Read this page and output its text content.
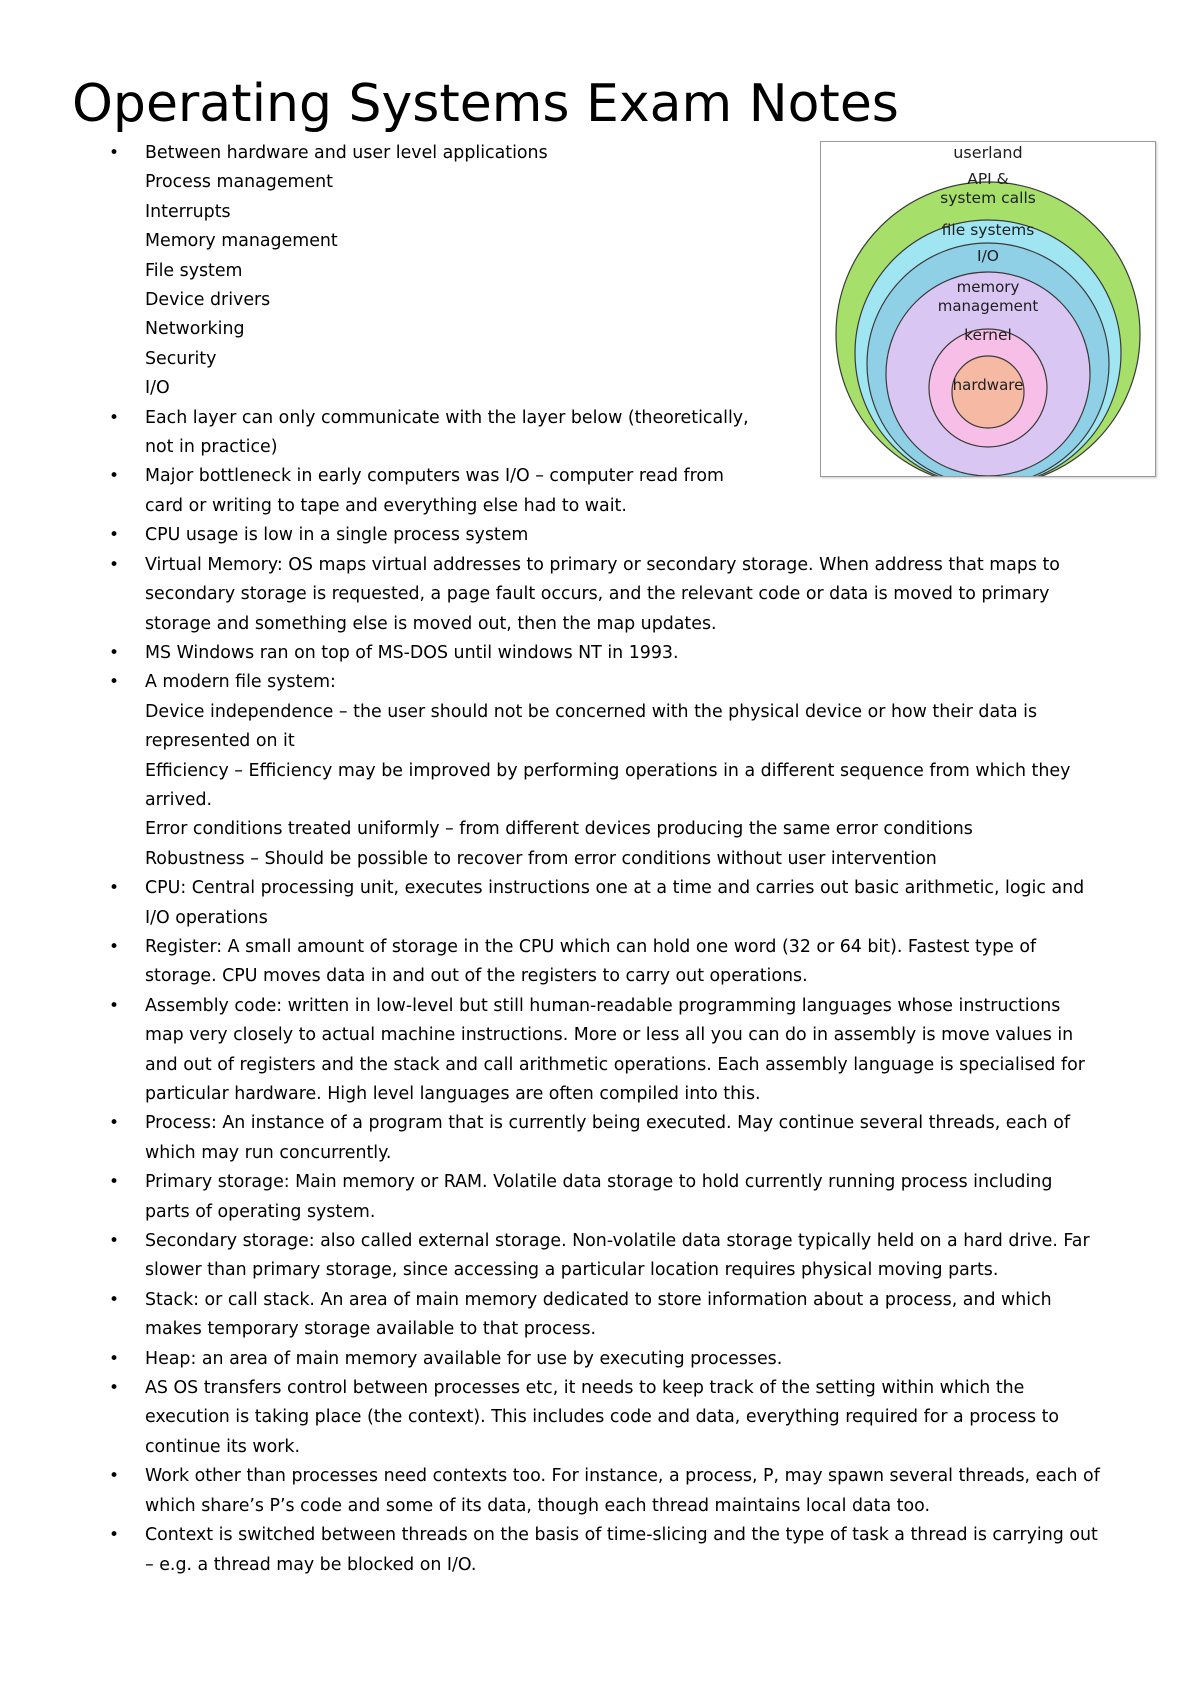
Operating Systems Exam Notes
• Between hardware and user level applications
Process management
Interrupts
Memory management
File system
Device drivers
Networking
Security
I/O
• Each layer can only communicate with the layer below (theoretically,
not in practice)
• Major bottleneck in early computers was I/O – computer read from
card or writing to tape and everything else had to wait.
• CPU usage is low in a single process system
• Virtual Memory: OS maps virtual addresses to primary or secondary storage. When address that maps to
secondary storage is requested, a page fault occurs, and the relevant code or data is moved to primary
storage and something else is moved out, then the map updates.
• MS Windows ran on top of MS-DOS until windows NT in 1993.
• A modern file system:
Device independence – the user should not be concerned with the physical device or how their data is
represented on it
Efficiency – Efficiency may be improved by performing operations in a different sequence from which they
arrived.
Error conditions treated uniformly – from different devices producing the same error conditions
Robustness – Should be possible to recover from error conditions without user intervention
• CPU: Central processing unit, executes instructions one at a time and carries out basic arithmetic, logic and
I/O operations
• Register: A small amount of storage in the CPU which can hold one word (32 or 64 bit). Fastest type of
storage. CPU moves data in and out of the registers to carry out operations.
• Assembly code: written in low-level but still human-readable programming languages whose instructions
map very closely to actual machine instructions. More or less all you can do in assembly is move values in
and out of registers and the stack and call arithmetic operations. Each assembly language is specialised for
particular hardware. High level languages are often compiled into this.
• Process: An instance of a program that is currently being executed. May continue several threads, each of
which may run concurrently.
• Primary storage: Main memory or RAM. Volatile data storage to hold currently running process including
parts of operating system.
• Secondary storage: also called external storage. Non-volatile data storage typically held on a hard drive. Far
slower than primary storage, since accessing a particular location requires physical moving parts.
• Stack: or call stack. An area of main memory dedicated to store information about a process, and which
makes temporary storage available to that process.
• Heap: an area of main memory available for use by executing processes.
• AS OS transfers control between processes etc, it needs to keep track of the setting within which the
execution is taking place (the context). This includes code and data, everything required for a process to
continue its work.
• Work other than processes need contexts too. For instance, a process, P, may spawn several threads, each of
which share’s P’s code and some of its data, though each thread maintains local data too.
• Context is switched between threads on the basis of time-slicing and the type of task a thread is carrying out
– e.g. a thread may be blocked on I/O.
userland
API &
system calls
file systems
I/O
memory
management
kernel
hardware
